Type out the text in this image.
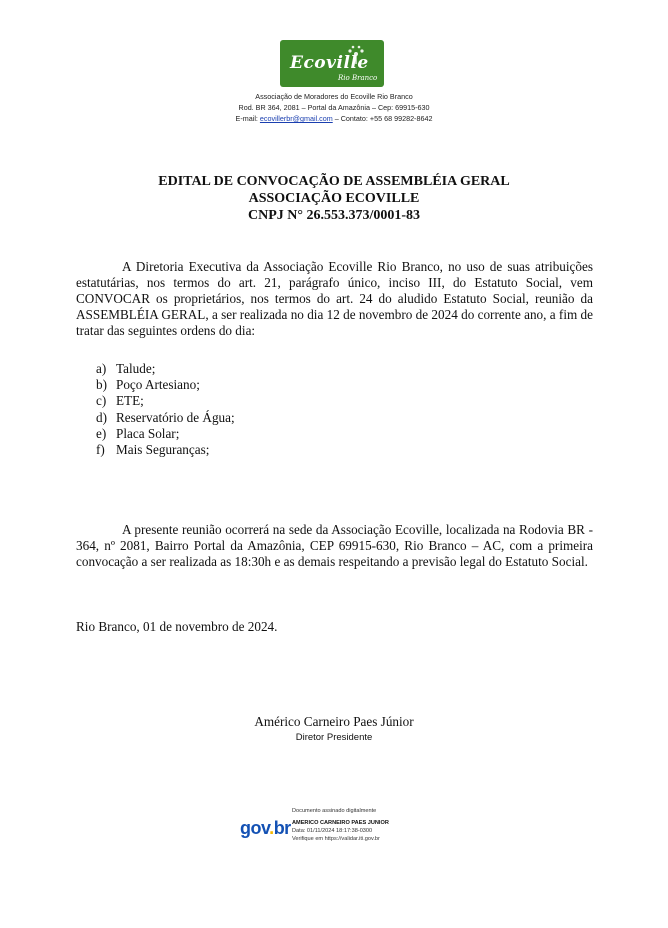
Ecoville
Rio Branco
Associação de Moradores do Ecoville Rio Branco
Rod. BR 364, 2081 – Portal da Amazônia – Cep: 69915-630
E-mail: ecovillerbr@gmail.com – Contato: +55 68 99282-8642
EDITAL DE CONVOCAÇÃO DE ASSEMBLÉIA GERAL
ASSOCIAÇÃO ECOVILLE
CNPJ N° 26.553.373/0001-83
A Diretoria Executiva da Associação Ecoville Rio Branco, no uso de suas atribuições estatutárias, nos termos do art. 21, parágrafo único, inciso III, do Estatuto Social, vem CONVOCAR os proprietários, nos termos do art. 24 do aludido Estatuto Social, reunião da ASSEMBLÉIA GERAL, a ser realizada no dia 12 de novembro de 2024 do corrente ano, a fim de tratar das seguintes ordens do dia:
a) Talude;
b) Poço Artesiano;
c) ETE;
d) Reservatório de Água;
e) Placa Solar;
f) Mais Seguranças;
A presente reunião ocorrerá na sede da Associação Ecoville, localizada na Rodovia BR - 364, nº 2081, Bairro Portal da Amazônia, CEP 69915-630, Rio Branco – AC, com a primeira convocação a ser realizada as 18:30h e as demais respeitando a previsão legal do Estatuto Social.
Rio Branco, 01 de novembro de 2024.
Américo Carneiro Paes Júnior
Diretor Presidente
gov.br
Documento assinado digitalmente
AMERICO CARNEIRO PAES JUNIOR
Data: 01/11/2024 18:17:38-0300
Verifique em https://validar.iti.gov.br
